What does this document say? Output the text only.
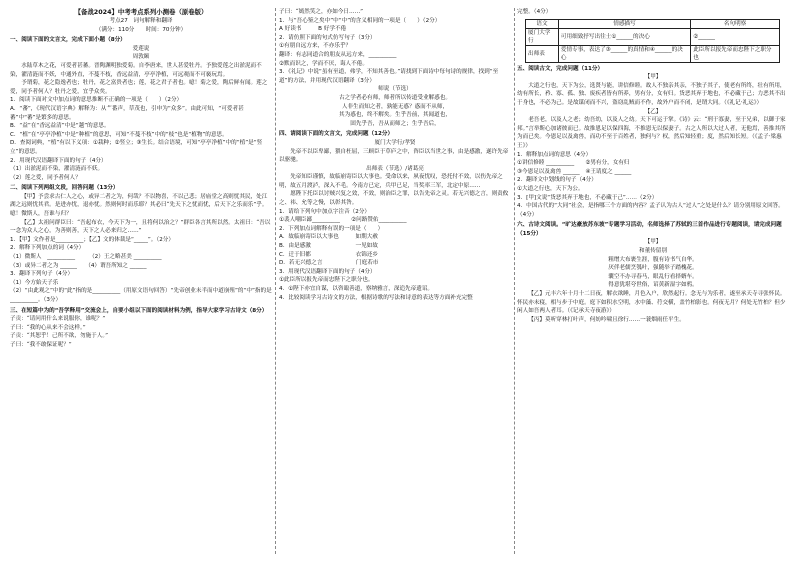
【备战2024】中考考点系列小测卷（原卷版）

考点27　词句解释和翻译

（满分：110分　　时间：70分钟）

一、阅读下面的文言文，完成下面小题（8分）

爱莲说

周敦颐

水陆草木之花，可爱者甚蕃。晋陶渊明独爱菊。自李唐来，世人甚爱牡丹。予独爱莲之出淤泥而不染，濯清涟而不妖，中通外直，不蔓不枝，香远益清，亭亭净植，可远观而不可亵玩焉。

予谓菊，花之隐逸者也；牡丹，花之富贵者也；莲，花之君子者也。噫！菊之爱，陶后鲜有闻。莲之爱，同予者何人？牡丹之爱，宜乎众矣。

1．阅读下面对文中加点词的意思推断不正确的一项是（　　）（2分）

A．“蕃”，《现代汉语字典》解释为：从艹番声，草茂也，引申为“众多”。由此可知，“可爱者甚蕃”中“蕃”是繁多的意思。

B．“益”在“香远益清”中是“越”的意思。

C．“植”在“亭亭净植”中是“种植”的意思，可知“不蔓不枝”中的“枝”也是“植物”的意思。

D．查阅词典，“植”有以下义项：①栽种；②竖立；③生长。结合语境，可知“亭亭净植”中的“植”是“竖立”的意思。

2．用现代汉语翻译下面的句子（4分）

（1）出淤泥而不染，濯清涟而不妖。

（2）莲之爱，同予者何人？

二、阅读下列两组文段，回答问题（13分）

【甲】予尝求古仁人之心，或异二者之为，何哉？不以物喜，不以己悲；居庙堂之高则忧其民，处江湖之远则忧其君。是进亦忧，退亦忧。然则何时而乐耶？其必曰“先天下之忧而忧，后天下之乐而乐”乎。噫！微斯人，吾谁与归？

【乙】太祖问群臣曰：“吾起布衣，今天下为一，且将何以治之？”群臣各言其所以然。太祖曰：“吾以一念为众人之心，为善则善，天下之人必来归之……”

1．【甲】文作者是__________；【乙】文的体裁是“_____”。（2分）

2．解释下列加点的词（4分）

（1）微斯人　__________　　　（2）王之略甚美 __________

（3）或异二者之为 ______　　（4）谓吾所知之 ______

3．翻译下列句子（4分）

（1）今方始天子乐

（2）“由此观之”中的“此”指的是__________（用原文语句回答）“先帝创业未半而中道崩殂”的“中”指的是__________。（3分）

三、在短篇中为的“吾学释用”交流会上，自要小组以下面的阅读材料为例，指导大家学习古诗文（8分）

子贡：“请问用什么来说服你，谁呢？”

子曰：“我的心从来不会这样。”

子贡：“其恕乎！己所不欲，勿施于人。”

子曰：“我不敢保证呢？”

子曰：“嫣然笑之，亦如今日……”

1．与“吾心鉴之矣中”中“中”的含义相同的一项是（　　）（2分）

A 好读书　　　B 好学不倦

2．请仿照下面的句式仿写句子（3分）

①有朋自远方来，不亦乐乎？

翻译：有志同道合的朋友从远方来，__________

②默而识之，学而不厌，诲人不倦。

3．《礼记》中说“虽有至道，弗学，不知其善也。”请找到下面诗中每句诗的规律，找到“至道”的方法，并用现代汉语翻译（3分）

师说（节选）

古之学者必有师，师者所以传道受业解惑也。

人非生而知之者，孰能无惑？惑而不从师，

其为惑也，终不解矣。生乎吾前，其闻道也，

固先乎吾，吾从而师之；生乎吾后，

四、请阅读下面的文言文，完成问题（12分）

厦门大学行/孝贤

先帝不以臣卑鄙，猥自枉屈，三顾臣于草庐之中，咨臣以当世之事，由是感激，遂许先帝以驱驰。

出师表（节选）/诸葛亮

先帝知臣谨慎，故临崩寄臣以大事也。受命以来，夙夜忧叹，恐托付不效，以伤先帝之明，故五月渡泸，深入不毛。今南方已定，兵甲已足，当奖率三军，北定中原……

愿陛下托臣以讨贼兴复之效，不效，则治臣之罪，以告先帝之灵。若无兴德之言，则责攸之、祎、允等之慢，以彰其咎。

1．请给下列句中加点字注音（2分）

①裴人嘲臣鄙__________　　②问路赞佑__________

2．下列加点词解释有误的一项是（　　）

A．故临崩寄臣以大事也　　　如期大赦

B．由是感激　　　　　　　　一见如故

C．迁于旧都　　　　　　　　衣锦还乡

D．若无兴德之言　　　　　　门庭若市

3．用现代汉语翻译下面的句子（4分）

①此臣所以报先帝而忠陛下之职分也。

4．①陛下亦宜自谋，以咨诹善道，察纳雅言，深追先帝遗诏。

4．比较阅读学习古诗文的方法，根据诗歌的写法和诗意的表达等方面补充完整

完整。（4分）

语文	情感描写	名句明察
厦门大学行	可用细致抒写出往士①______的决心	②______
出师表	爱情专事，表达了③______的真情和④______的决心	此臣所以报先帝而忠陛下之职分也

五、阅读古文，完成问题（11分）

【甲】

大道之行也，天下为公，选贤与能，讲信修睦。故人不独亲其亲，不独子其子，使老有所终，壮有所用，幼有所长，矜、寡、孤、独、废疾者皆有所养，男有分，女有归。货恶其弃于地也，不必藏于己；力恶其不出于身也，不必为己。是故谋闭而不兴，盗窃乱贼而不作，故外户而不闭，是谓大同。（《礼记·礼运》）

【乙】

老吾老，以及人之老；幼吾幼，以及人之幼。天下可运于掌。《诗》云：“刑于寡妻，至于兄弟，以御于家邦。”言举斯心加诸彼而已。故推恩足以保四海，不推恩无以保妻子。古之人所以大过人者，无他焉，善推其所为而已矣。今恩足以及禽兽，而功不至于百姓者，独何与？权，然后知轻重；度，然后知长短。（《孟子·梁惠王》）

1．解释加点词的意思（4分）

①讲信修睦 __________　　②男有分，女有归

③今恩足以及禽兽 ______　④王请度之 ______

2．翻译文中划线的句子（4分）

①大道之行也，天下为公。

3．[甲]文说“货恶其弃于地也，不必藏于己”……（2分）

4．中国古代的“大同”社会，是指哪三个方面的内容？孟子认为古人“过人”之处是什么？请分别用原文回答。（4分）

六、古诗文阅读。“旷达豪放苏东坡”专题学习活动，名师选择了苏轼的三首作品进行专题阅读，请完成问题（15分）

【甲】

和董传留别

粗缯大布裹生涯，腹有诗书气自华。

厌伴老儒烹瓠叶，强随举子踏槐花。

囊空不办寻春马，眼乱行看择婿车。

得意犹堪夸世俗，诏黄新湿字如鸦。

【乙】元丰六年十月十二日夜，解衣欲睡，月色入户，欣然起行。念无与为乐者，遂至承天寺寻张怀民。怀民亦未寝，相与步于中庭。庭下如积水空明，水中藻、荇交横，盖竹柏影也。何夜无月？何处无竹柏？但少闲人如吾两人者耳。（《记承天寺夜游》）

【丙】莫听穿林打叶声，何妨吟啸且徐行……一蓑烟雨任平生。
